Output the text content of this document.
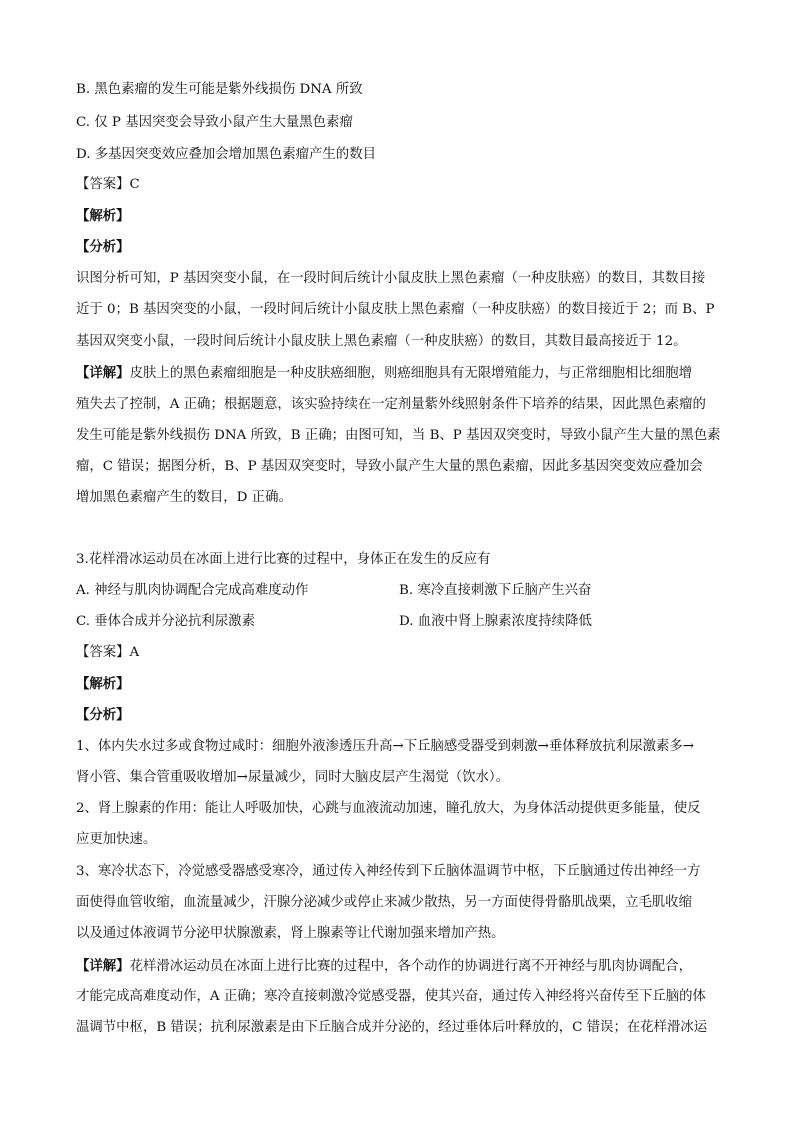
B. 黑色素瘤的发生可能是紫外线损伤 DNA 所致
C. 仅 P 基因突变会导致小鼠产生大量黑色素瘤
D. 多基因突变效应叠加会增加黑色素瘤产生的数目
【答案】C
【解析】
【分析】
识图分析可知，P 基因突变小鼠，在一段时间后统计小鼠皮肤上黑色素瘤（一种皮肤癌）的数目，其数目接
近于 0；B 基因突变的小鼠，一段时间后统计小鼠皮肤上黑色素瘤（一种皮肤癌）的数目接近于 2；而 B、P
基因双突变小鼠，一段时间后统计小鼠皮肤上黑色素瘤（一种皮肤癌）的数目，其数目最高接近于 12。
【详解】皮肤上的黑色素瘤细胞是一种皮肤癌细胞，则癌细胞具有无限增殖能力，与正常细胞相比细胞增
殖失去了控制，A 正确；根据题意，该实验持续在一定剂量紫外线照射条件下培养的结果，因此黑色素瘤的
发生可能是紫外线损伤 DNA 所致，B 正确；由图可知，当 B、P 基因双突变时，导致小鼠产生大量的黑色素
瘤，C 错误；据图分析，B、P 基因双突变时，导致小鼠产生大量的黑色素瘤，因此多基因突变效应叠加会
增加黑色素瘤产生的数目，D 正确。
3.花样滑冰运动员在冰面上进行比赛的过程中，身体正在发生的反应有
A. 神经与肌肉协调配合完成高难度动作	B. 寒冷直接刺激下丘脑产生兴奋
C. 垂体合成并分泌抗利尿激素	D. 血液中肾上腺素浓度持续降低
【答案】A
【解析】
【分析】
1、体内失水过多或食物过咸时：细胞外液渗透压升高→下丘脑感受器受到刺激→垂体释放抗利尿激素多→
肾小管、集合管重吸收增加→尿量减少，同时大脑皮层产生渴觉（饮水）。
2、肾上腺素的作用：能让人呼吸加快，心跳与血液流动加速，瞳孔放大，为身体活动提供更多能量，使反
应更加快速。
3、寒冷状态下，冷觉感受器感受寒冷，通过传入神经传到下丘脑体温调节中枢，下丘脑通过传出神经一方
面使得血管收缩，血流量减少，汗腺分泌减少或停止来减少散热，另一方面使得骨骼肌战栗，立毛肌收缩
以及通过体液调节分泌甲状腺激素，肾上腺素等让代谢加强来增加产热。
【详解】花样滑冰运动员在冰面上进行比赛的过程中，各个动作的协调进行离不开神经与肌肉协调配合，
才能完成高难度动作，A 正确；寒冷直接刺激冷觉感受器，使其兴奋，通过传入神经将兴奋传至下丘脑的体
温调节中枢，B 错误；抗利尿激素是由下丘脑合成并分泌的，经过垂体后叶释放的，C 错误；在花样滑冰运
